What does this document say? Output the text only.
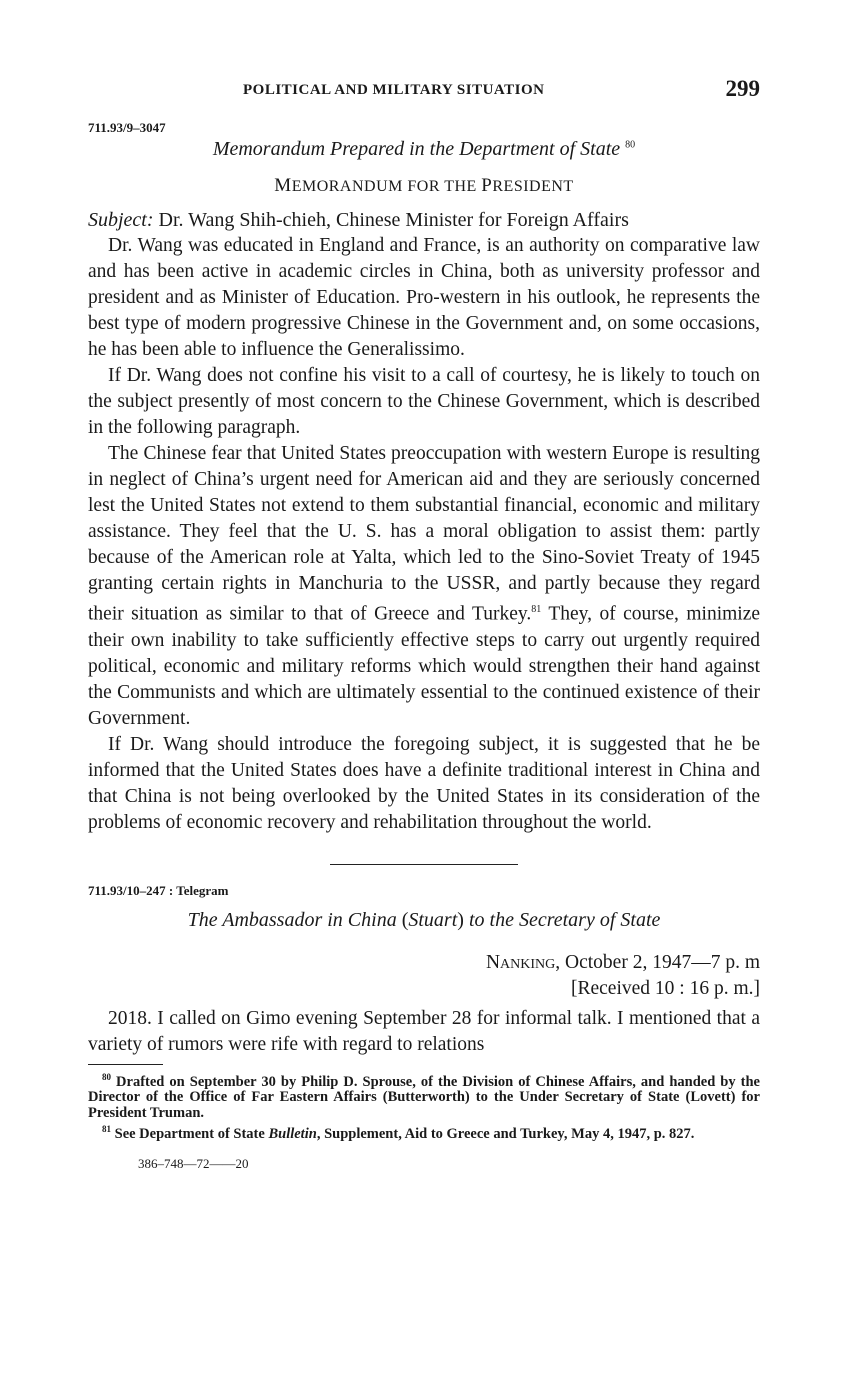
POLITICAL AND MILITARY SITUATION	299
711.93/9–3047
Memorandum Prepared in the Department of State $^{80}$
MEMORANDUM FOR THE PRESIDENT
Subject: Dr. Wang Shih-chieh, Chinese Minister for Foreign Affairs

Dr. Wang was educated in England and France, is an authority on comparative law and has been active in academic circles in China, both as university professor and president and as Minister of Education. Pro-western in his outlook, he represents the best type of modern progressive Chinese in the Government and, on some occasions, he has been able to influence the Generalissimo.

If Dr. Wang does not confine his visit to a call of courtesy, he is likely to touch on the subject presently of most concern to the Chinese Government, which is described in the following paragraph.

The Chinese fear that United States preoccupation with western Europe is resulting in neglect of China’s urgent need for American aid and they are seriously concerned lest the United States not extend to them substantial financial, economic and military assistance. They feel that the U. S. has a moral obligation to assist them: partly because of the American role at Yalta, which led to the Sino-Soviet Treaty of 1945 granting certain rights in Manchuria to the USSR, and partly because they regard their situation as similar to that of Greece and Turkey.$^{81}$ They, of course, minimize their own inability to take sufficiently effective steps to carry out urgently required political, economic and military reforms which would strengthen their hand against the Communists and which are ultimately essential to the continued existence of their Government.

If Dr. Wang should introduce the foregoing subject, it is suggested that he be informed that the United States does have a definite traditional interest in China and that China is not being overlooked by the United States in its consideration of the problems of economic recovery and rehabilitation throughout the world.

711.93/10–247 : Telegram
The Ambassador in China (Stuart) to the Secretary of State
Nanking, October 2, 1947—7 p. m
[Received 10 : 16 p. m.]

2018. I called on Gimo evening September 28 for informal talk. I mentioned that a variety of rumors were rife with regard to relations

$^{80}$ Drafted on September 30 by Philip D. Sprouse, of the Division of Chinese Affairs, and handed by the Director of the Office of Far Eastern Affairs (Butterworth) to the Under Secretary of State (Lovett) for President Truman.

$^{81}$ See Department of State Bulletin, Supplement, Aid to Greece and Turkey, May 4, 1947, p. 827.

386–748—72——20
